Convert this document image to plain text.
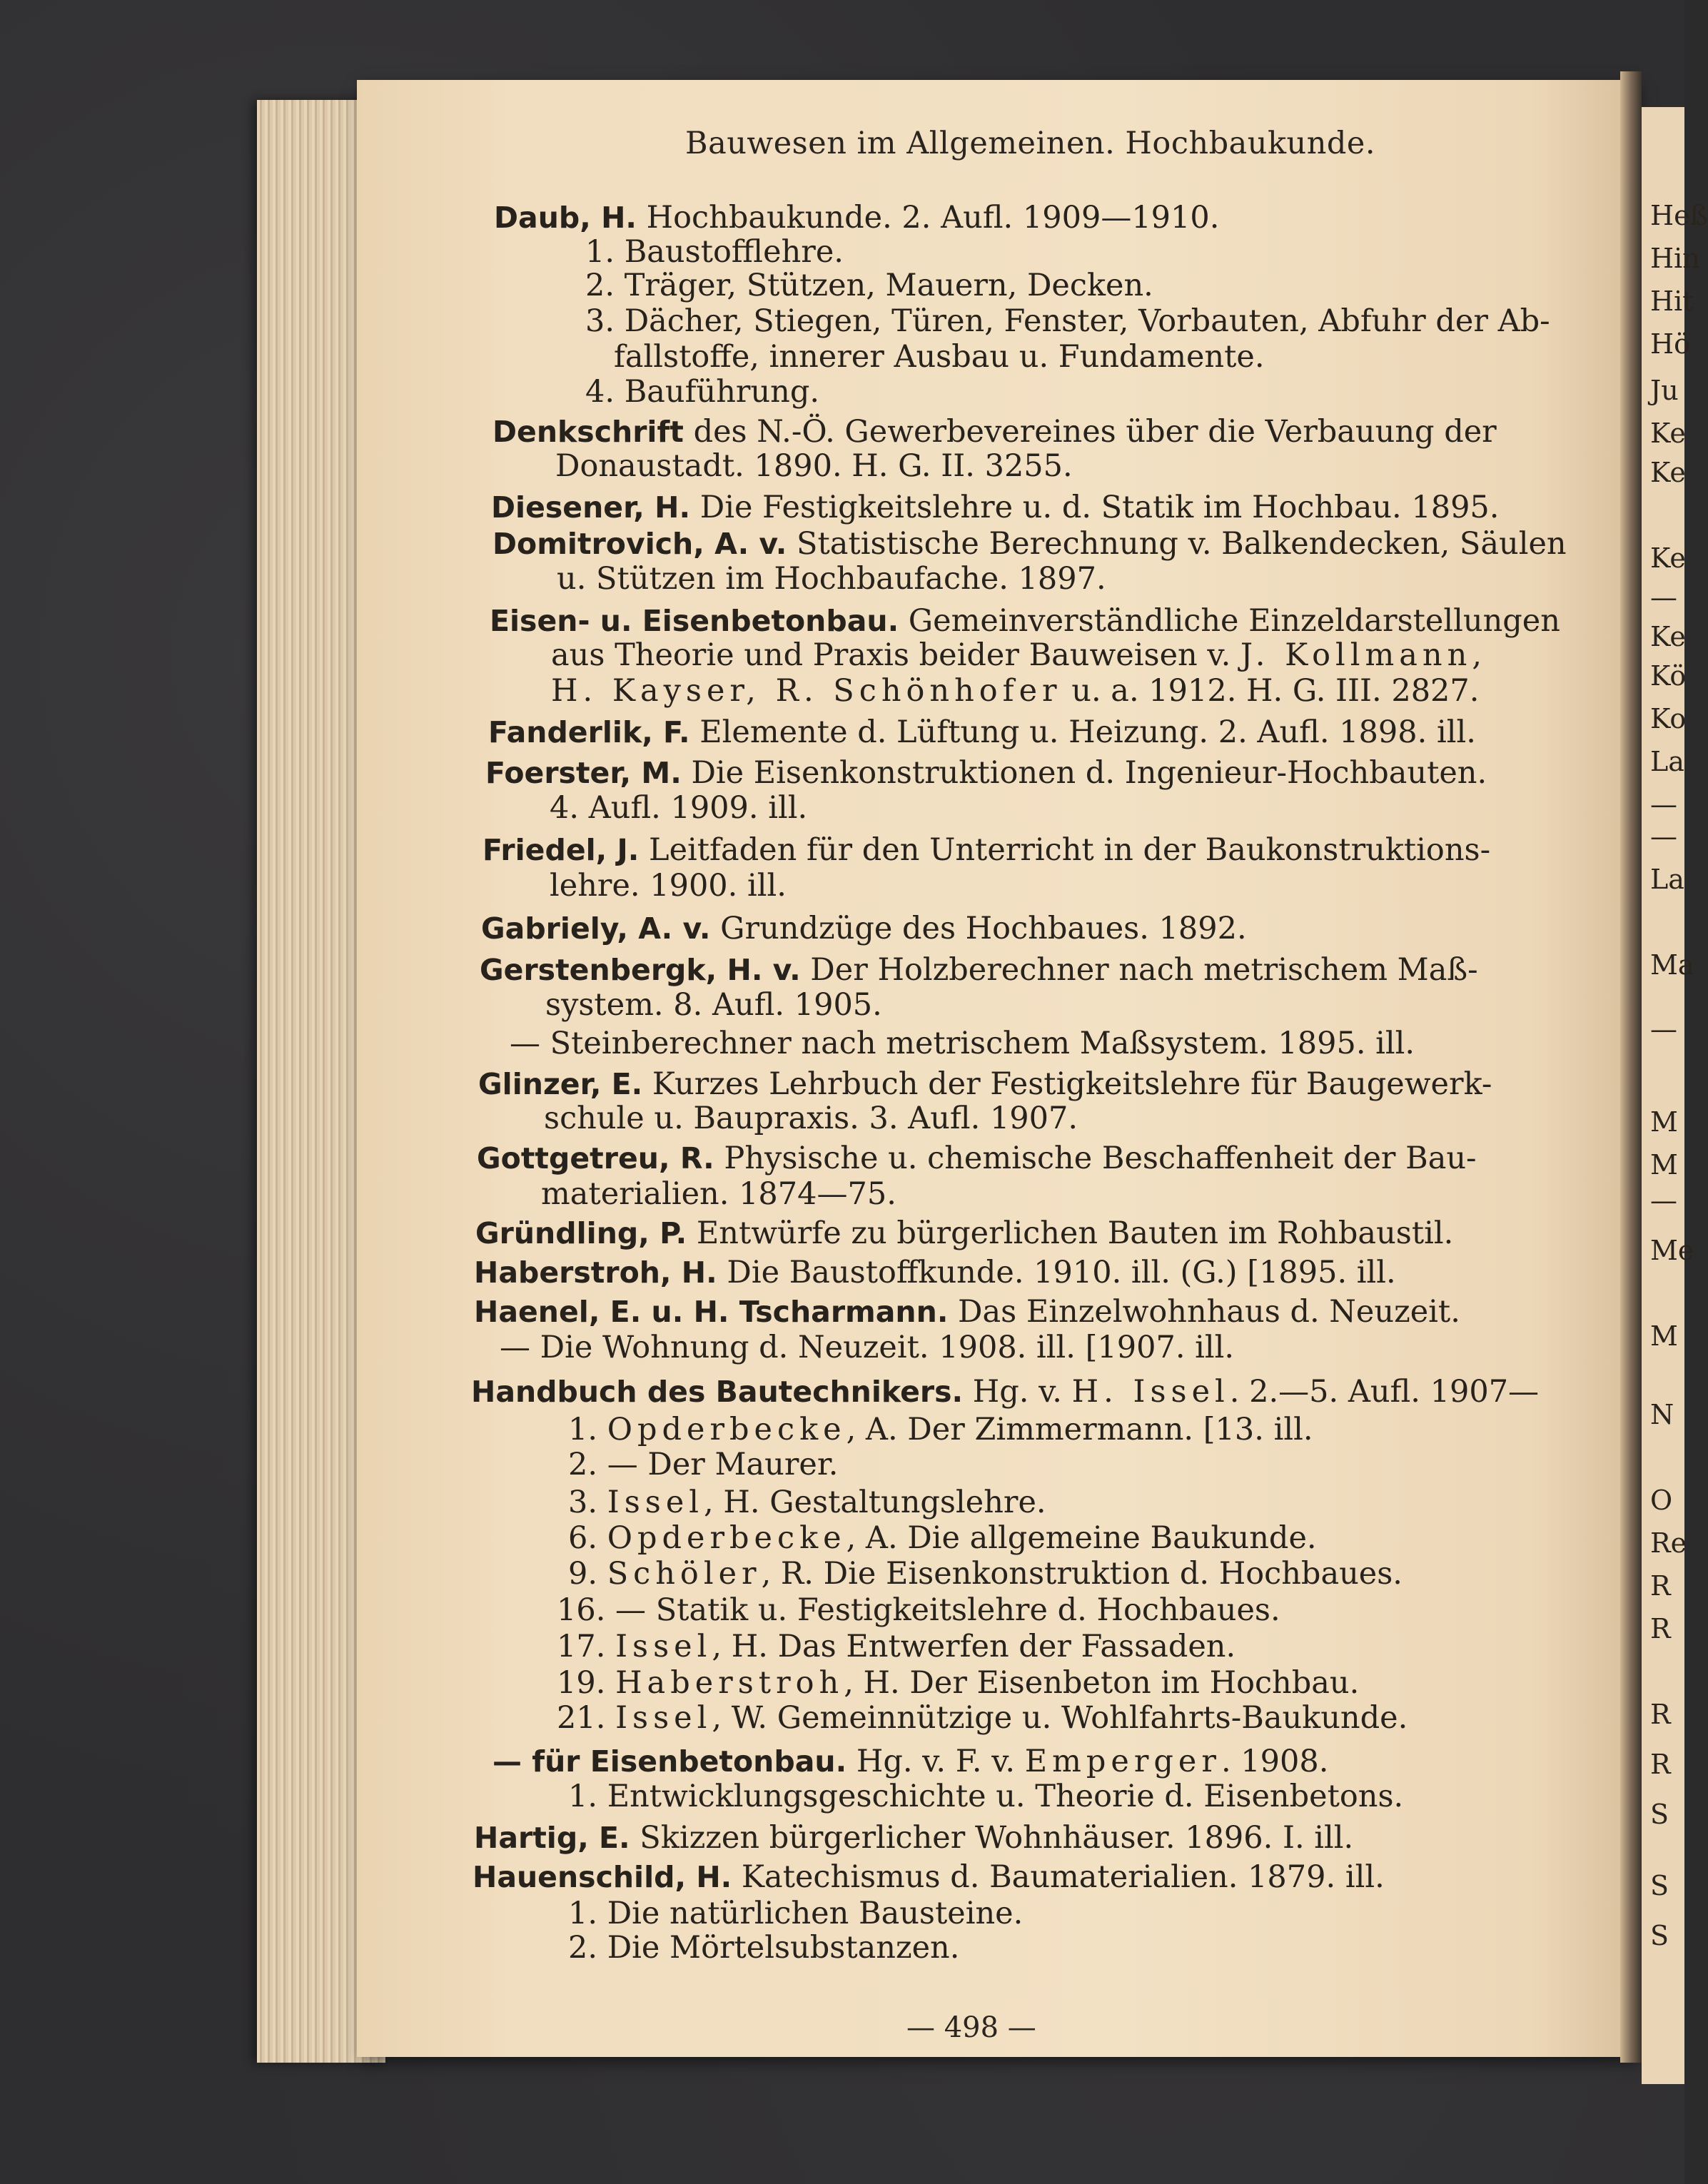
Heß
Hin
Hit
Hö
Ju
Ke
Ke
Ke
—
Ke
Kö
Ko
La
—
—
La
Ma
—
M
M
—
Me
M
N
O
Re
R
R
R
R
S
S
S
Bauwesen im Allgemeinen. Hochbaukunde.
Daub, H. Hochbaukunde. 2. Aufl. 1909—1910.
1. Baustofflehre.
2. Träger, Stützen, Mauern, Decken.
3. Dächer, Stiegen, Türen, Fenster, Vorbauten, Abfuhr der Ab-
fallstoffe, innerer Ausbau u. Fundamente.
4. Bauführung.
Denkschrift des N.-Ö. Gewerbevereines über die Verbauung der
Donaustadt. 1890. H. G. II. 3255.
Diesener, H. Die Festigkeitslehre u. d. Statik im Hochbau. 1895.
Domitrovich, A. v. Statistische Berechnung v. Balkendecken, Säulen
u. Stützen im Hochbaufache. 1897.
Eisen- u. Eisenbetonbau. Gemeinverständliche Einzeldarstellungen
aus Theorie und Praxis beider Bauweisen v. J. Kollmann,
H. Kayser, R. Schönhofer u. a. 1912. H. G. III. 2827.
Fanderlik, F. Elemente d. Lüftung u. Heizung. 2. Aufl. 1898. ill.
Foerster, M. Die Eisenkonstruktionen d. Ingenieur-Hochbauten.
4. Aufl. 1909. ill.
Friedel, J. Leitfaden für den Unterricht in der Baukonstruktions-
lehre. 1900. ill.
Gabriely, A. v. Grundzüge des Hochbaues. 1892.
Gerstenbergk, H. v. Der Holzberechner nach metrischem Maß-
system. 8. Aufl. 1905.
— Steinberechner nach metrischem Maßsystem. 1895. ill.
Glinzer, E. Kurzes Lehrbuch der Festigkeitslehre für Baugewerk-
schule u. Baupraxis. 3. Aufl. 1907.
Gottgetreu, R. Physische u. chemische Beschaffenheit der Bau-
materialien. 1874—75.
Gründling, P. Entwürfe zu bürgerlichen Bauten im Rohbaustil.
Haberstroh, H. Die Baustoffkunde. 1910. ill. (G.) [1895. ill.
Haenel, E. u. H. Tscharmann. Das Einzelwohnhaus d. Neuzeit.
— Die Wohnung d. Neuzeit. 1908. ill. [1907. ill.
Handbuch des Bautechnikers. Hg. v. H. Issel. 2.—5. Aufl. 1907—
1. Opderbecke, A. Der Zimmermann. [13. ill.
2. — Der Maurer.
3. Issel, H. Gestaltungslehre.
6. Opderbecke, A. Die allgemeine Baukunde.
9. Schöler, R. Die Eisenkonstruktion d. Hochbaues.
16. — Statik u. Festigkeitslehre d. Hochbaues.
17. Issel, H. Das Entwerfen der Fassaden.
19. Haberstroh, H. Der Eisenbeton im Hochbau.
21. Issel, W. Gemeinnützige u. Wohlfahrts-Baukunde.
— für Eisenbetonbau. Hg. v. F. v. Emperger. 1908.
1. Entwicklungsgeschichte u. Theorie d. Eisenbetons.
Hartig, E. Skizzen bürgerlicher Wohnhäuser. 1896. I. ill.
Hauenschild, H. Katechismus d. Baumaterialien. 1879. ill.
1. Die natürlichen Bausteine.
2. Die Mörtelsubstanzen.
— 498 —
